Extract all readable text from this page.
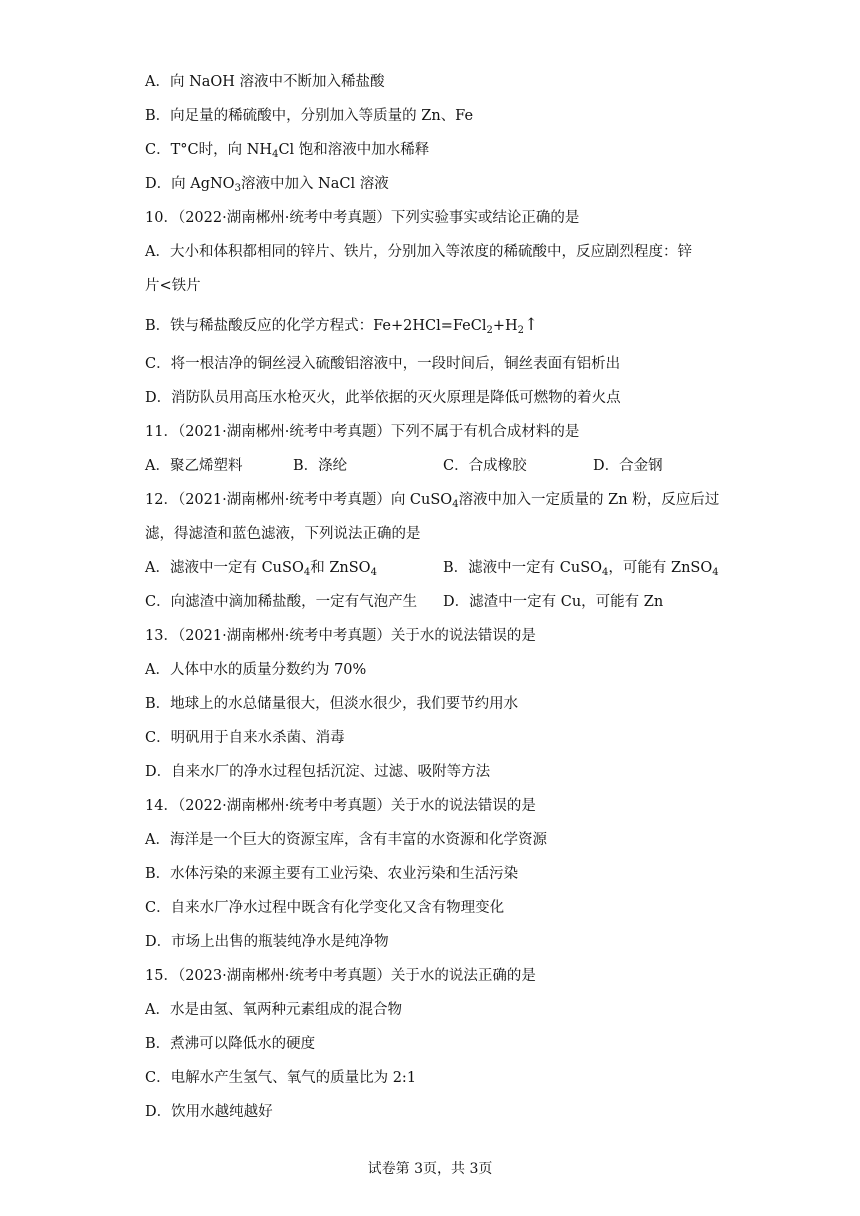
A．向 NaOH 溶液中不断加入稀盐酸
B．向足量的稀硫酸中，分别加入等质量的 Zn、Fe
C．T°C时，向 $NH_4Cl$ 饱和溶液中加水稀释
D．向 AgNO$_3$溶液中加入 NaCl 溶液
10．（2022·湖南郴州·统考中考真题）下列实验事实或结论正确的是
A．大小和体积都相同的锌片、铁片，分别加入等浓度的稀硫酸中，反应剧烈程度：锌
片<铁片
B．铁与稀盐酸反应的化学方程式：$Fe+2HCl=FeCl_2+H_2↑$
C．将一根洁净的铜丝浸入硫酸铝溶液中，一段时间后，铜丝表面有铝析出
D．消防队员用高压水枪灭火，此举依据的灭火原理是降低可燃物的着火点
11．（2021·湖南郴州·统考中考真题）下列不属于有机合成材料的是
A．聚乙烯塑料	B．涤纶	C．合成橡胶	D．合金钢
12．（2021·湖南郴州·统考中考真题）向 CuSO$_4$溶液中加入一定质量的 Zn 粉，反应后过
滤，得滤渣和蓝色滤液，下列说法正确的是
A．滤液中一定有 CuSO$_4$和 ZnSO$_4$	B．滤液中一定有 CuSO$_4$，可能有 ZnSO$_4$
C．向滤渣中滴加稀盐酸，一定有气泡产生 D．滤渣中一定有 Cu，可能有 Zn
13．（2021·湖南郴州·统考中考真题）关于水的说法错误的是
A．人体中水的质量分数约为 70%
B．地球上的水总储量很大，但淡水很少，我们要节约用水
C．明矾用于自来水杀菌、消毒
D．自来水厂的净水过程包括沉淀、过滤、吸附等方法
14．（2022·湖南郴州·统考中考真题）关于水的说法错误的是
A．海洋是一个巨大的资源宝库，含有丰富的水资源和化学资源
B．水体污染的来源主要有工业污染、农业污染和生活污染
C．自来水厂净水过程中既含有化学变化又含有物理变化
D．市场上出售的瓶装纯净水是纯净物
15．（2023·湖南郴州·统考中考真题）关于水的说法正确的是
A．水是由氢、氧两种元素组成的混合物
B．煮沸可以降低水的硬度
C．电解水产生氢气、氧气的质量比为 2:1
D．饮用水越纯越好
试卷第 3页，共 3页
